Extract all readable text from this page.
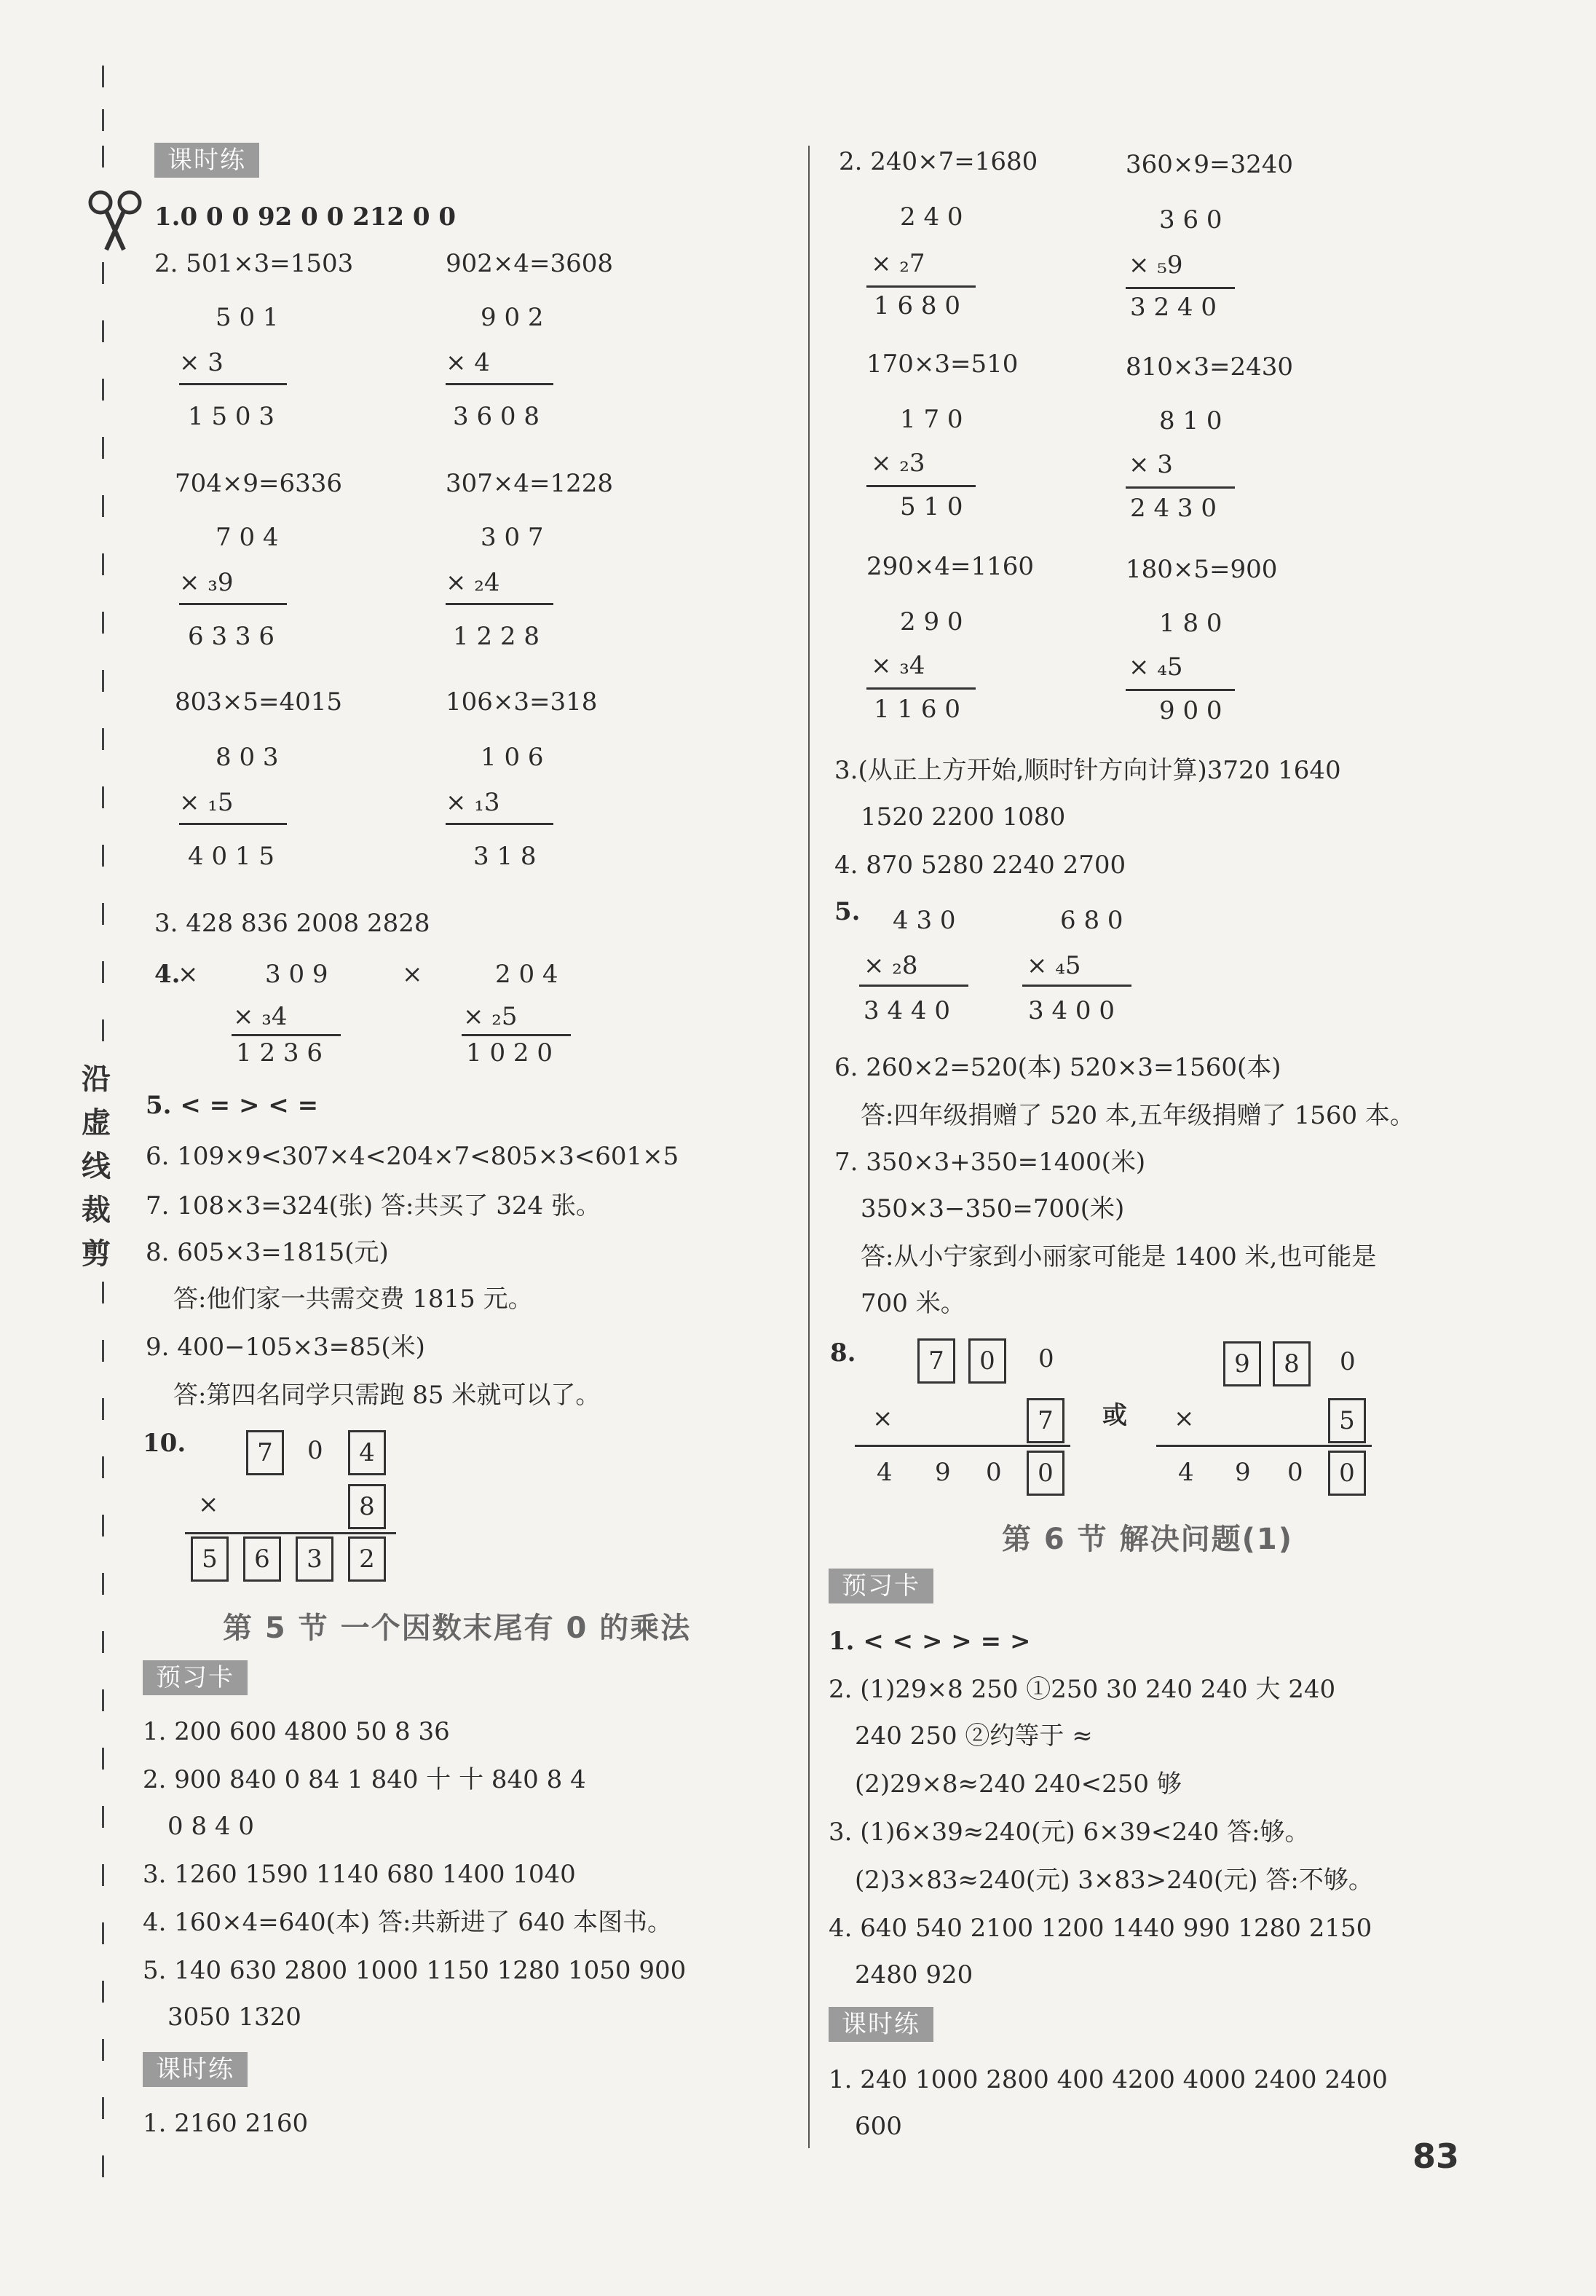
沿
虚
线
裁
剪
课时练
1.0 0 0 92 0 0 212 0 0
2. 501×3=1503	902×4=3608
5 0 1
× 3
1 5 0 3
9 0 2
× 4
3 6 0 8
704×9=6336	307×4=1228
7 0 4
× ₃9
6 3 3 6
3 0 7
× ₂4
1 2 2 8
803×5=4015	106×3=318
8 0 3
× ₁5
4 0 1 5
1 0 6
× ₁3
3 1 8
3. 428 836 2008 2828
4.
×	3 0 9
× ₃4
1 2 3 6
×	2 0 4
× ₂5
1 0 2 0
5. < = > < =
6. 109×9<307×4<204×7<805×3<601×5
7. 108×3=324(张) 答:共买了 324 张。
8. 605×3=1815(元)
答:他们家一共需交费 1815 元。
9. 400−105×3=85(米)
答:第四名同学只需跑 85 米就可以了。
10.	7	0	4
×	8
5	6	3	2
第 5 节 一个因数末尾有 0 的乘法
预习卡
1. 200 600 4800 50 8 36
2. 900 840 0 84 1 840 十 十 840 8 4
0 8 4 0
3. 1260 1590 1140 680 1400 1040
4. 160×4=640(本) 答:共新进了 640 本图书。
5. 140 630 2800 1000 1150 1280 1050 900
3050 1320
课时练
1. 2160 2160
2. 240×7=1680	360×9=3240
2 4 0
× ₂7
1 6 8 0
3 6 0
× ₅9
3 2 4 0
170×3=510	810×3=2430
1 7 0
× ₂3
5 1 0
8 1 0
× 3
2 4 3 0
290×4=1160	180×5=900
2 9 0
× ₃4
1 1 6 0
1 8 0
× ₄5
9 0 0
3.(从正上方开始,顺时针方向计算)3720 1640
1520 2200 1080
4. 870 5280 2240 2700
5. 4 3 0
× ₂8
3 4 4 0
6 8 0
× ₄5
3 4 0 0
6. 260×2=520(本) 520×3=1560(本)
答:四年级捐赠了 520 本,五年级捐赠了 1560 本。
7. 350×3+350=1400(米)
350×3−350=700(米)
答:从小宁家到小丽家可能是 1400 米,也可能是
700 米。
8.	7	0	0
×	7
4 9 0	0
或
9	8	0
×	5
4 9 0	0
第 6 节 解决问题(1)
预习卡
1. < < > > = >
2. (1)29×8 250 ①250 30 240 240 大 240
240 250 ②约等于 ≈
(2)29×8≈240 240<250 够
3. (1)6×39≈240(元) 6×39<240 答:够。
(2)3×83≈240(元) 3×83>240(元) 答:不够。
4. 640 540 2100 1200 1440 990 1280 2150
2480 920
课时练
1. 240 1000 2800 400 4200 4000 2400 2400
600
83
